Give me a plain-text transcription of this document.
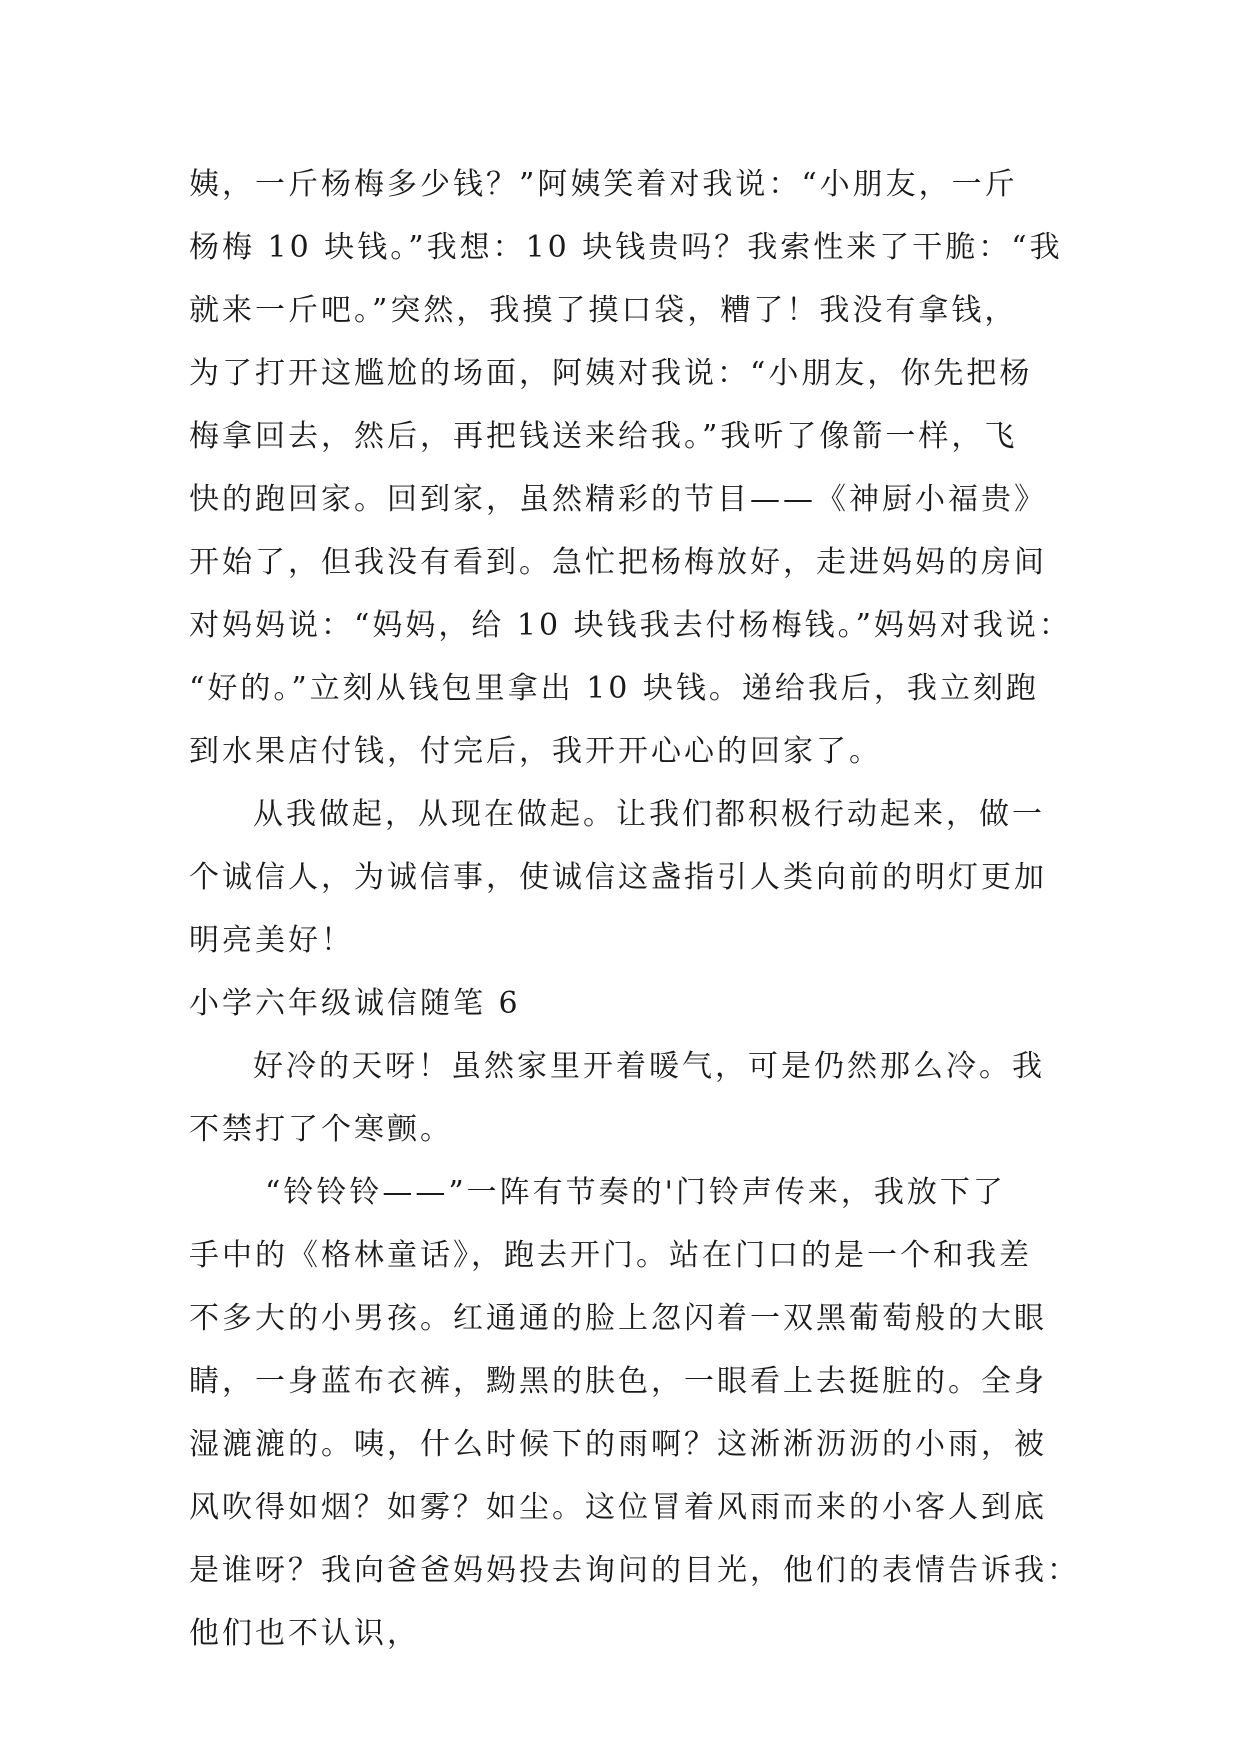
姨，一斤杨梅多少钱？”阿姨笑着对我说：“小朋友，一斤
杨梅 10 块钱。”我想：10 块钱贵吗？我索性来了干脆：“我
就来一斤吧。”突然，我摸了摸口袋，糟了！我没有拿钱，
为了打开这尴尬的场面，阿姨对我说：“小朋友，你先把杨
梅拿回去，然后，再把钱送来给我。”我听了像箭一样，飞
快的跑回家。回到家，虽然精彩的节目——《神厨小福贵》
开始了，但我没有看到。急忙把杨梅放好，走进妈妈的房间
对妈妈说：“妈妈，给 10 块钱我去付杨梅钱。”妈妈对我说：
“好的。”立刻从钱包里拿出 10 块钱。递给我后，我立刻跑
到水果店付钱，付完后，我开开心心的回家了。
从我做起，从现在做起。让我们都积极行动起来，做一
个诚信人，为诚信事，使诚信这盏指引人类向前的明灯更加
明亮美好！
小学六年级诚信随笔 6
好冷的天呀！虽然家里开着暖气，可是仍然那么冷。我
不禁打了个寒颤。
“铃铃铃——”一阵有节奏的'门铃声传来，我放下了
手中的《格林童话》，跑去开门。站在门口的是一个和我差
不多大的小男孩。红通通的脸上忽闪着一双黑葡萄般的大眼
睛，一身蓝布衣裤，黝黑的肤色，一眼看上去挺脏的。全身
湿漉漉的。咦，什么时候下的雨啊？这淅淅沥沥的小雨，被
风吹得如烟？如雾？如尘。这位冒着风雨而来的小客人到底
是谁呀？我向爸爸妈妈投去询问的目光，他们的表情告诉我：
他们也不认识，
